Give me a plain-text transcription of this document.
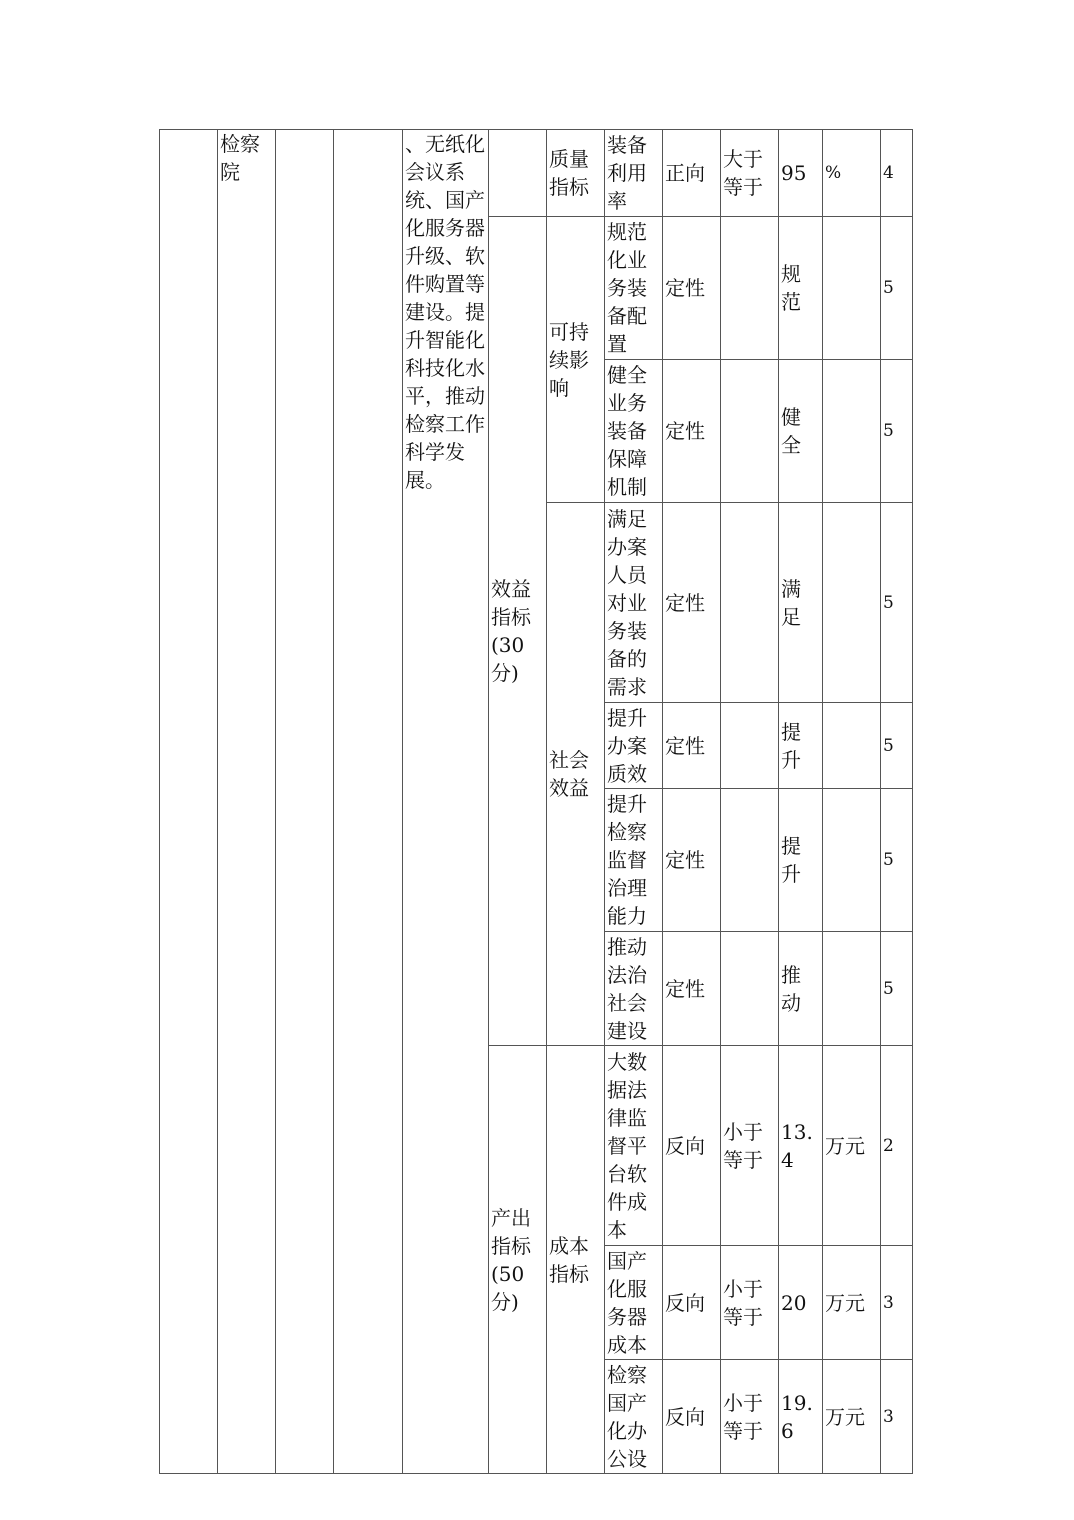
	检察院			、无纸化会议系统、国产化服务器升级、软件购置等建设。提升智能化科技化水平，推动检察工作科学发展。		质量指标	装备利用率	正向	大于等于	95	%	4
					效益指标(30分)	可持续影响	规范化业务装备配置	定性		规范		5
							健全业务装备保障机制	定性		健全		5
						社会效益	满足办案人员对业务装备的需求	定性		满足		5
							提升办案质效	定性		提升		5
							提升检察监督治理能力	定性		提升		5
							推动法治社会建设	定性		推动		5
					产出指标(50分)	成本指标	大数据法律监督平台软件成本	反向	小于等于	13.4	万元	2
							国产化服务器成本	反向	小于等于	20	万元	3
							检察国产化办公设	反向	小于等于	19.6	万元	3
